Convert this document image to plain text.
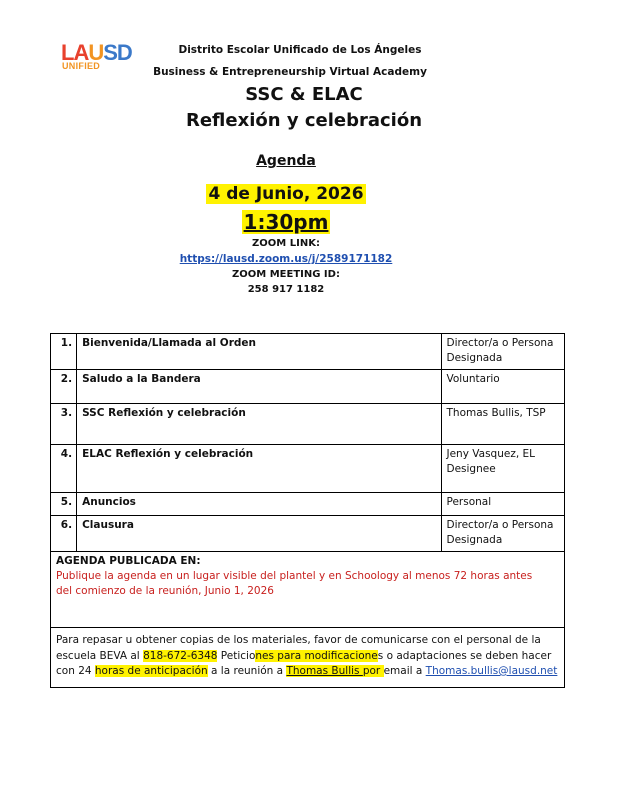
LAUSD
UNIFIED
Distrito Escolar Unificado de Los Ángeles
Business & Entrepreneurship Virtual Academy
SSC & ELAC
Reflexión y celebración
Agenda
4 de Junio, 2026
1:30pm
ZOOM LINK:
https://lausd.zoom.us/j/2589171182
ZOOM MEETING ID:
258 917 1182
1.	Bienvenida/Llamada al Orden	Director/a o Persona Designada
2.	Saludo a la Bandera	Voluntario
3.	SSC Reflexión y celebración	Thomas Bullis, TSP
4.	ELAC Reflexión y celebración	Jeny Vasquez, EL Designee
5.	Anuncios	Personal
6.	Clausura	Director/a o Persona Designada

AGENDA PUBLICADA EN:
Publique la agenda en un lugar visible del plantel y en Schoology al menos 72 horas antes
del comienzo de la reunión, Junio 1, 2026		

Para repasar u obtener copias de los materiales, favor de comunicarse con el personal de la escuela BEVA al 818-672-6348 Peticiones para modificaciones o adaptaciones se deben hacer con 24 horas de anticipación a la reunión a Thomas Bullis por email a Thomas.bullis@lausd.net		
